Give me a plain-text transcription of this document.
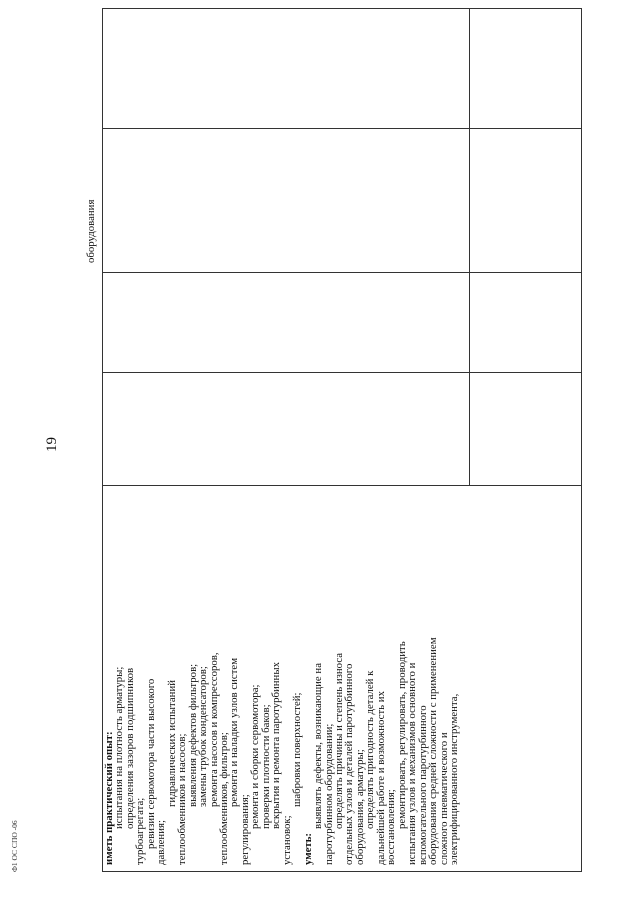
19
Ф1 ОС СПО -06	иметь практический опыт:
испытания на плотность арматуры;
определения зазоров подшипников
турбоагрегата;
ревизии сервомотора части высокого
давления;
гидравлических испытаний
теплообменников и насосов;
выявления дефектов фильтров;
замены трубок конденсаторов;
ремонта насосов и компрессоров,
теплообменников, фильтров;
ремонта и наладки узлов систем
регулирования;
ремонта и сборки сервомотора;
проверки плотности баков;
вскрытия и ремонта паротурбинных
установок;
шабровки поверхностей;
уметь:
выявлять дефекты, возникающие на
паротурбинном оборудовании;
определять причины и степень износа
отдельных узлов и деталей паротурбинного
оборудования, арматуры;
определять пригодность деталей к
дальнейшей работе и возможность их
восстановления;
ремонтировать, регулировать, проводить
испытания узлов и механизмов основного и
вспомогательного паротурбинного
оборудования средней сложности с применением
сложного пневматического и
электрифицированного инструмента,
оборудования
